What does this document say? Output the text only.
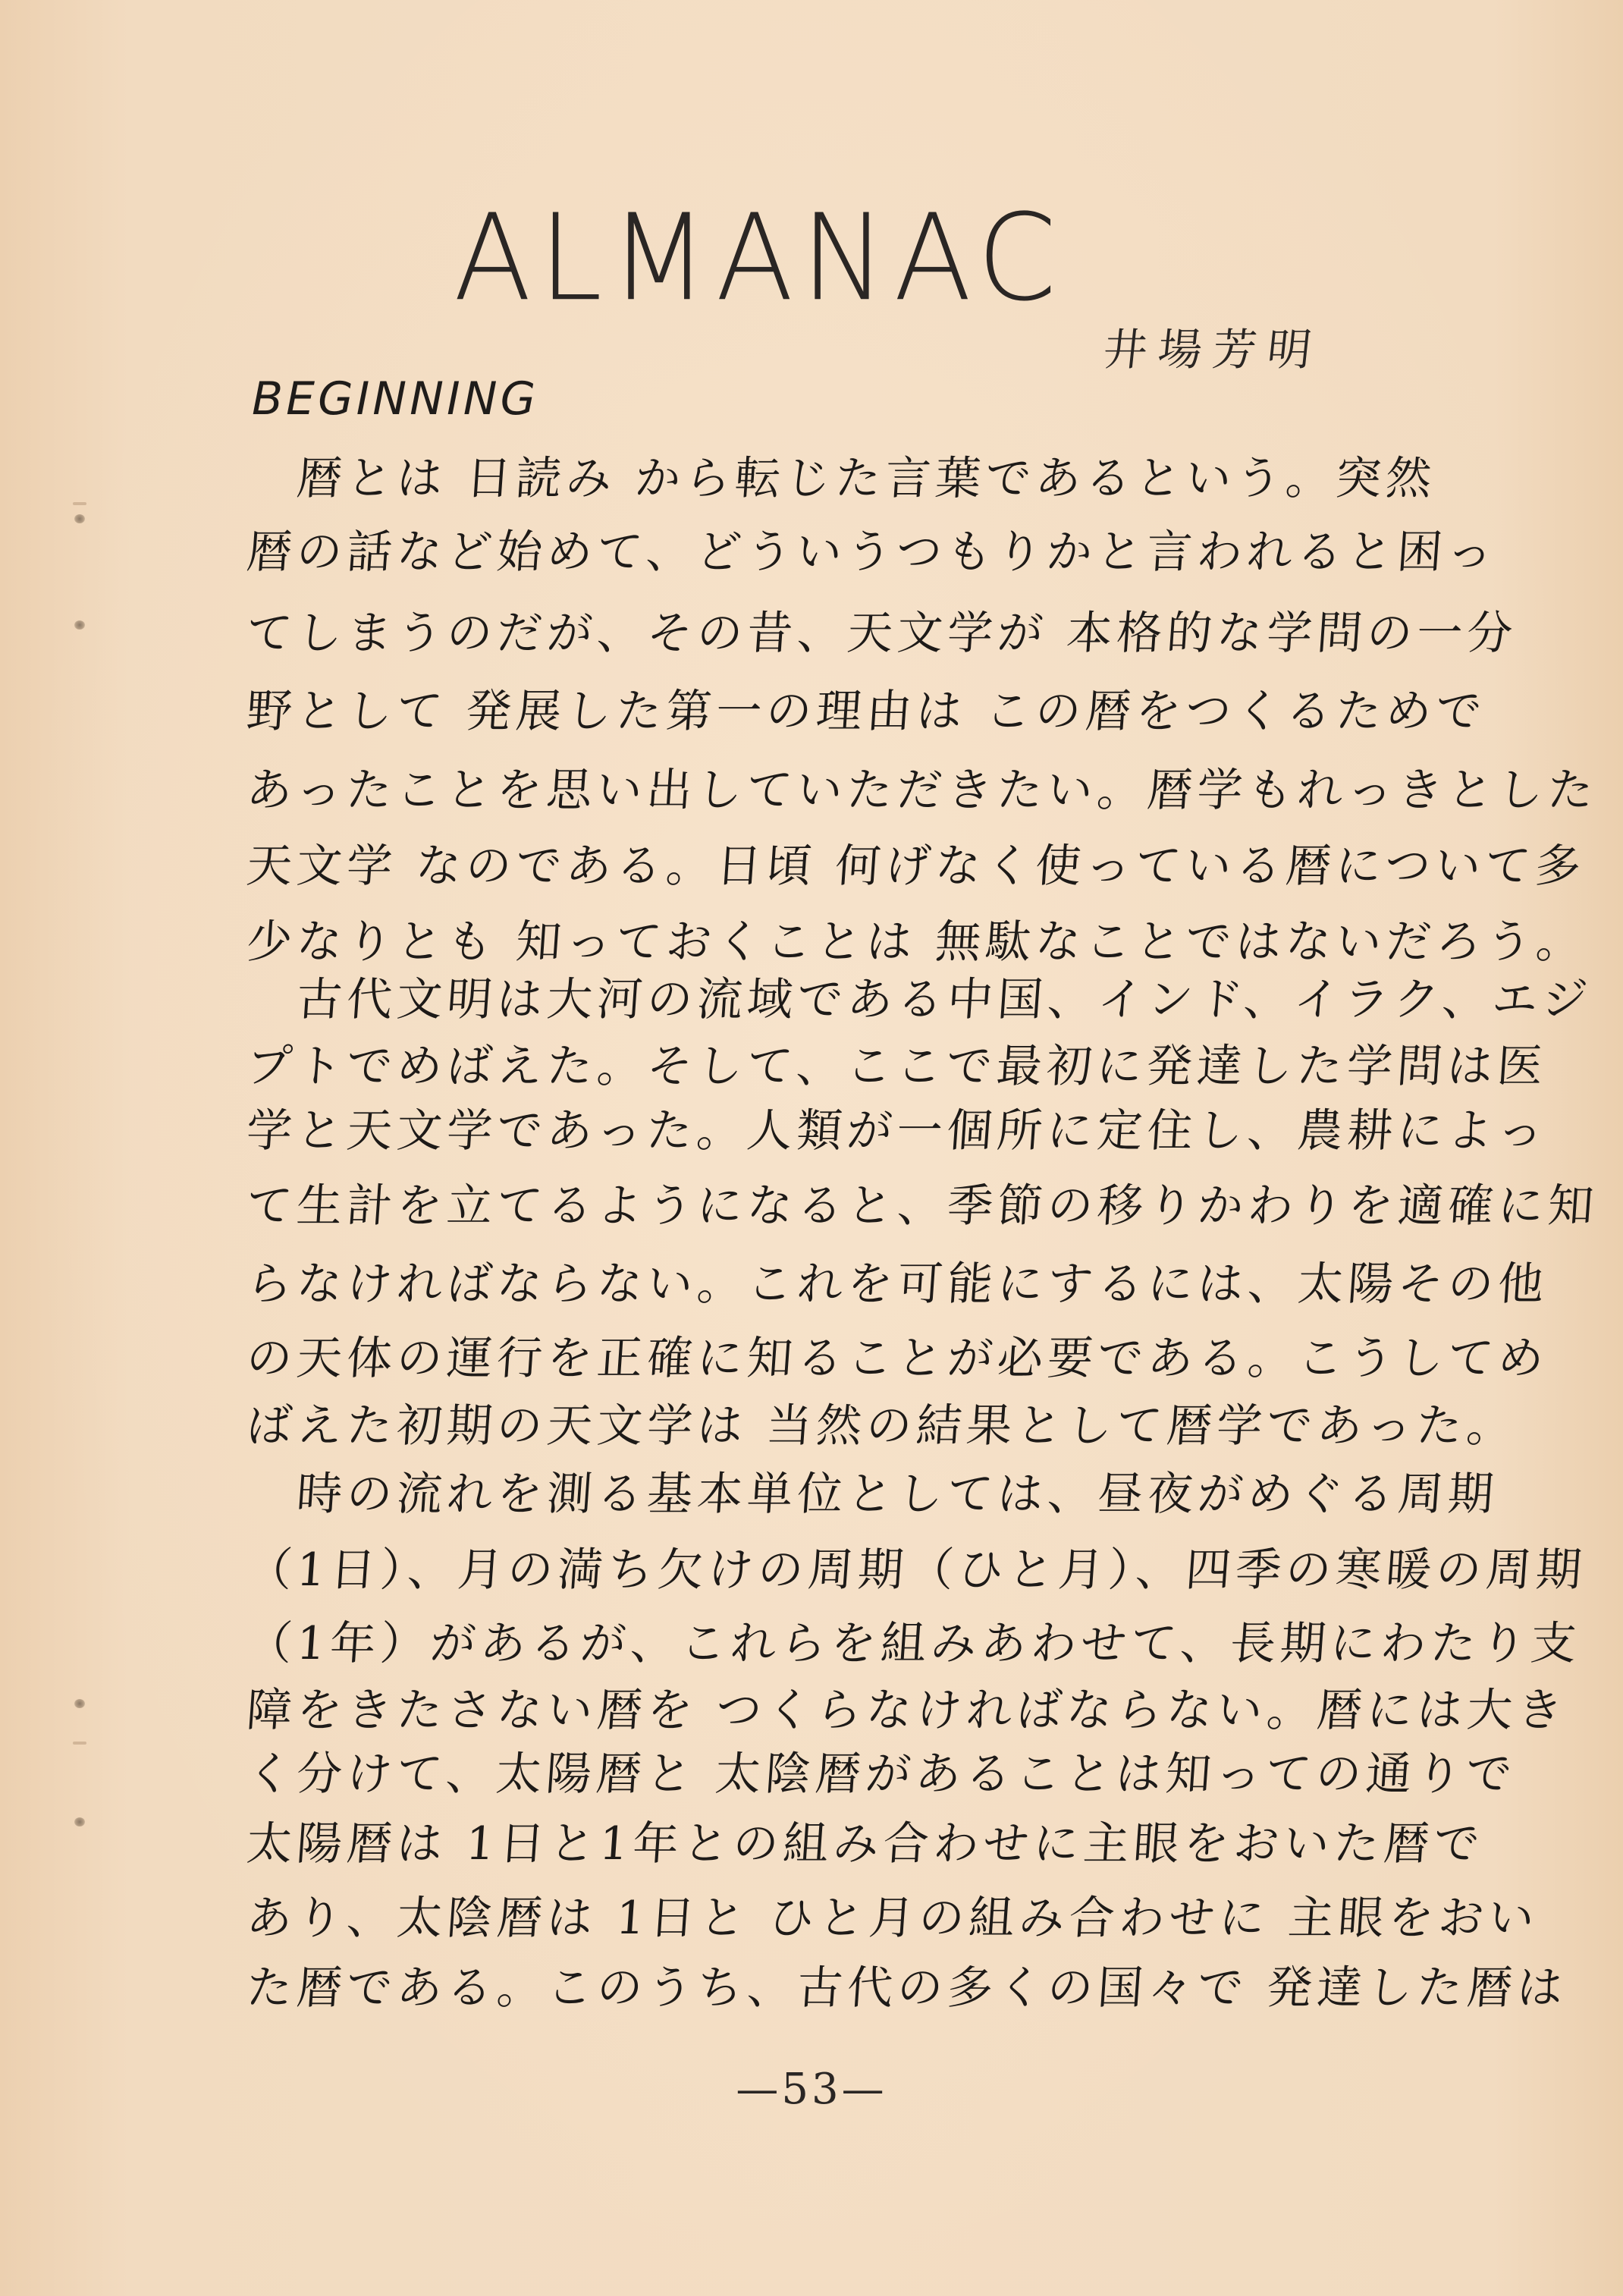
ALMANAC
井場芳明
BEGINNING
　暦とは 日読み から転じた言葉であるという。突然
暦の話など始めて、どういうつもりかと言われると困っ
てしまうのだが、その昔、天文学が 本格的な学問の一分
野として 発展した第一の理由は この暦をつくるためで
あったことを思い出していただきたい。暦学もれっきとした
天文学 なのである。日頃 何げなく使っている暦について多
少なりとも 知っておくことは 無駄なことではないだろう。
　古代文明は大河の流域である中国、インド、イラク、エジ
プトでめばえた。そして、ここで最初に発達した学問は医
学と天文学であった。人類が一個所に定住し、農耕によっ
て生計を立てるようになると、季節の移りかわりを適確に知
らなければならない。これを可能にするには、太陽その他
の天体の運行を正確に知ることが必要である。こうしてめ
ばえた初期の天文学は 当然の結果として暦学であった。
　時の流れを測る基本単位としては、昼夜がめぐる周期
（1日）、月の満ち欠けの周期（ひと月）、四季の寒暖の周期
（1年）があるが、これらを組みあわせて、長期にわたり支
障をきたさない暦を つくらなければならない。暦には大き
く分けて、太陽暦と 太陰暦があることは知っての通りで
太陽暦は 1日と1年との組み合わせに主眼をおいた暦で
あり、太陰暦は 1日と ひと月の組み合わせに 主眼をおい
た暦である。このうち、古代の多くの国々で 発達した暦は
—53—
